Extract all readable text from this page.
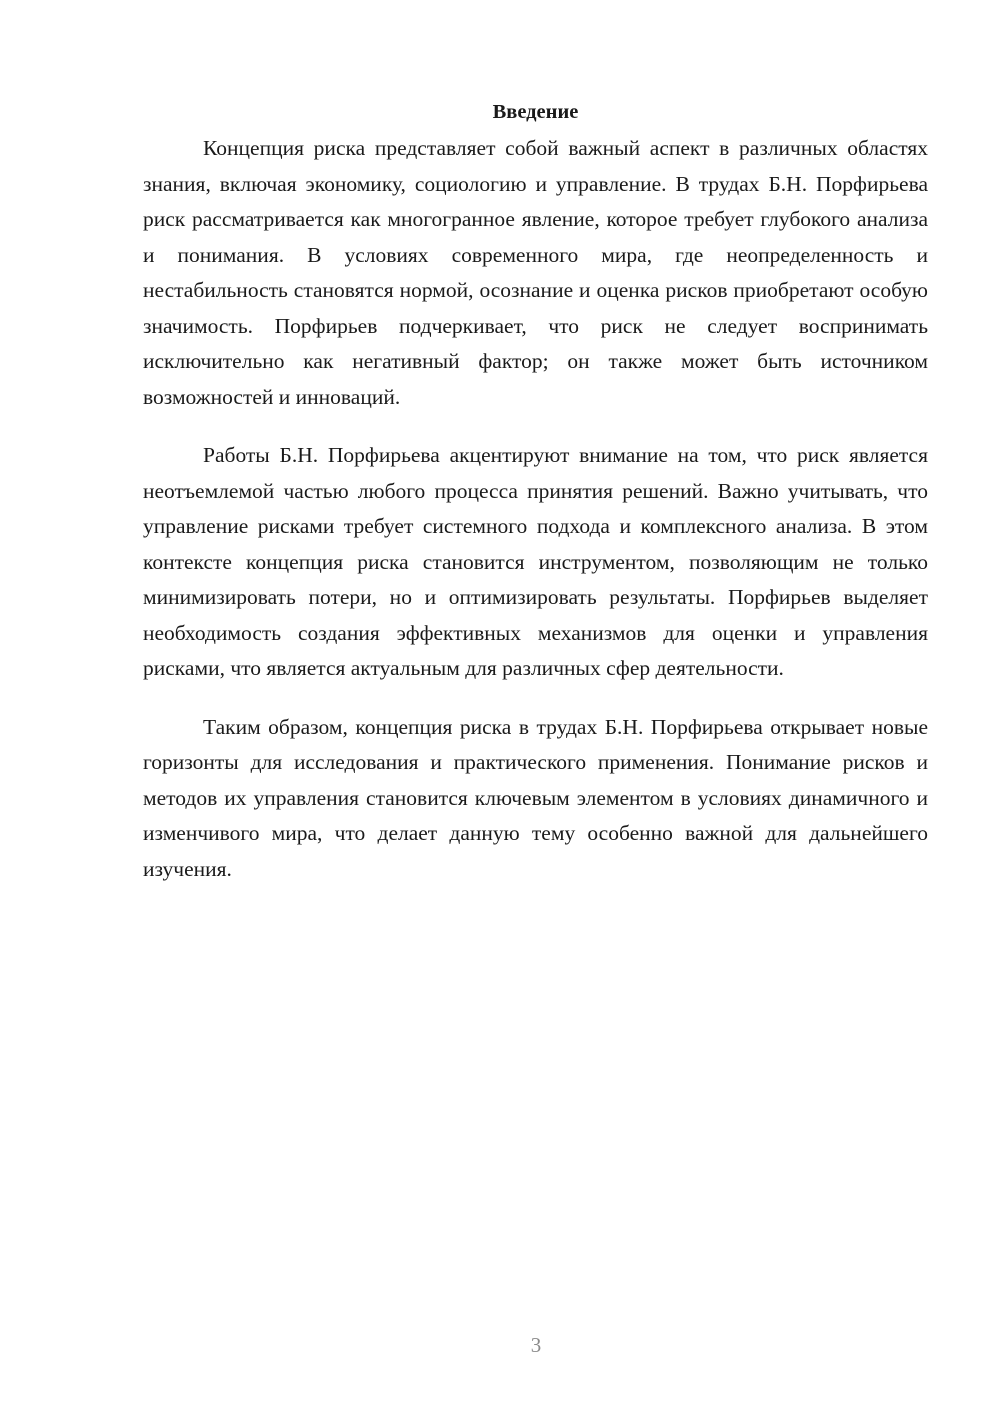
Введение

Концепция риска представляет собой важный аспект в различных областях знания, включая экономику, социологию и управление. В трудах Б.Н. Порфирьева риск рассматривается как многогранное явление, которое требует глубокого анализа и понимания. В условиях современного мира, где неопределенность и нестабильность становятся нормой, осознание и оценка рисков приобретают особую значимость. Порфирьев подчеркивает, что риск не следует воспринимать исключительно как негативный фактор; он также может быть источником возможностей и инноваций.

Работы Б.Н. Порфирьева акцентируют внимание на том, что риск является неотъемлемой частью любого процесса принятия решений. Важно учитывать, что управление рисками требует системного подхода и комплексного анализа. В этом контексте концепция риска становится инструментом, позволяющим не только минимизировать потери, но и оптимизировать результаты. Порфирьев выделяет необходимость создания эффективных механизмов для оценки и управления рисками, что является актуальным для различных сфер деятельности.

Таким образом, концепция риска в трудах Б.Н. Порфирьева открывает новые горизонты для исследования и практического применения. Понимание рисков и методов их управления становится ключевым элементом в условиях динамичного и изменчивого мира, что делает данную тему особенно важной для дальнейшего изучения.

3
